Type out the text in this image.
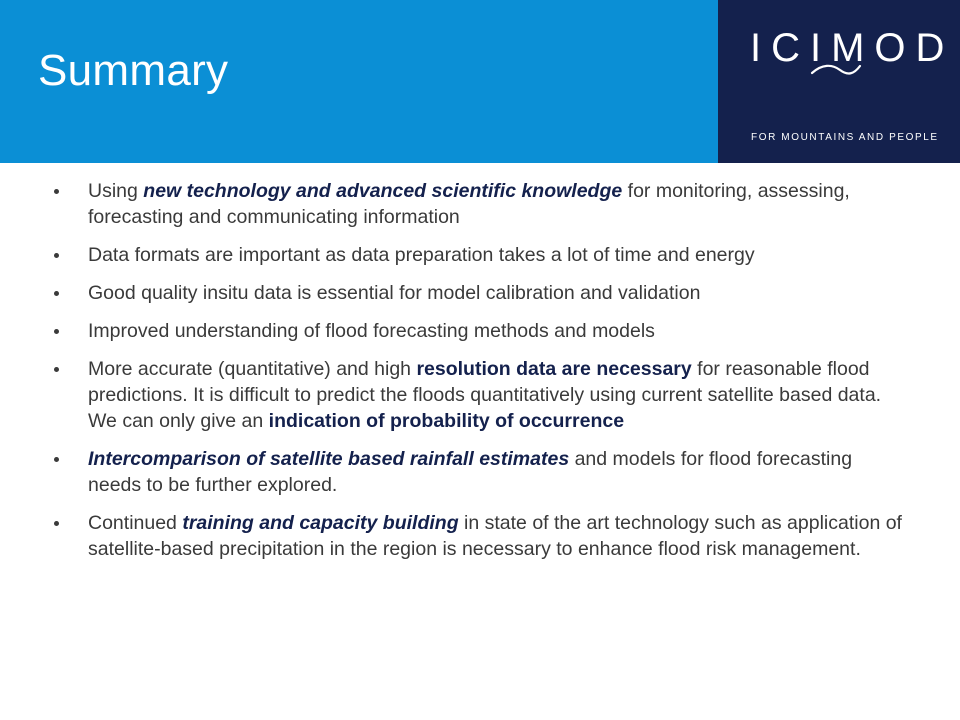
Summary	ICIMOD
FOR MOUNTAINS AND PEOPLE
Using new technology and advanced scientific knowledge for monitoring, assessing, forecasting and communicating information
Data formats are important as data preparation takes a lot of time and energy
Good quality insitu data is essential for model calibration and validation
Improved understanding of flood forecasting methods and models
More accurate (quantitative) and high resolution data are necessary for reasonable flood predictions. It is difficult to predict the floods quantitatively using current satellite based data. We can only give an indication of probability of occurrence
Intercomparison of satellite based rainfall estimates and models for flood forecasting needs to be further explored.
Continued training and capacity building in state of the art technology such as application of satellite-based precipitation in the region is necessary to enhance flood risk management.
